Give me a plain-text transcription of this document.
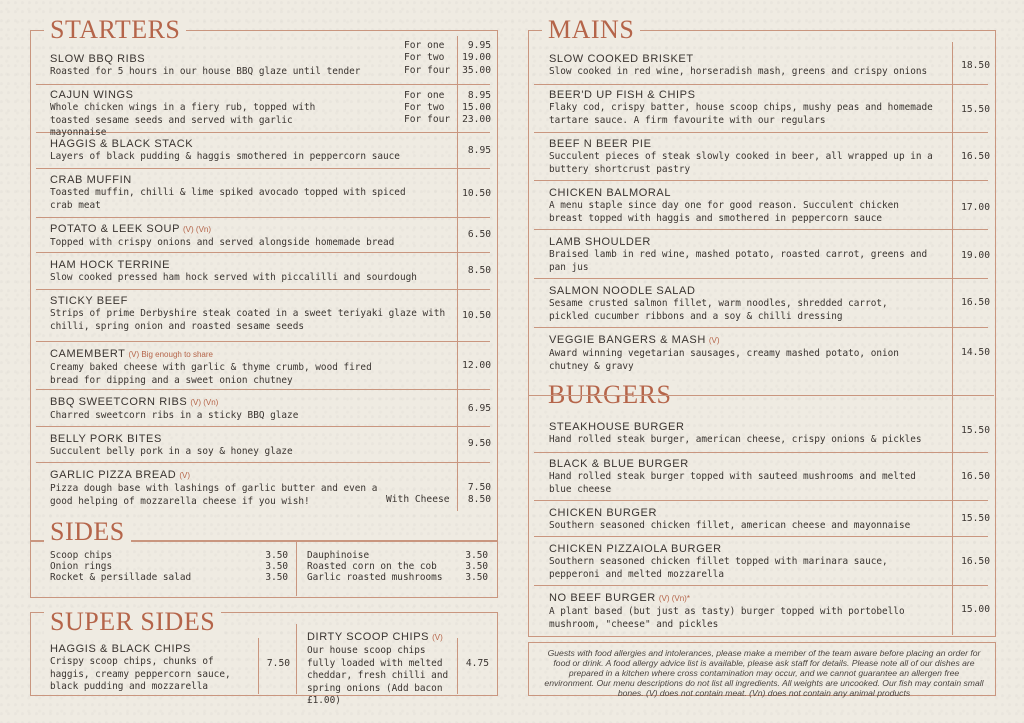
STARTERS
SIDES
SUPER SIDES
SLOW BBQ RIBS
Roasted for 5 hours in our house BBQ glaze until tender
For one
For two
For four
9.95
19.00
35.00
CAJUN WINGS
Whole chicken wings in a fiery rub, topped with toasted sesame seeds and served with garlic mayonnaise
For one
For two
For four
8.95
15.00
23.00
HAGGIS & BLACK STACK
Layers of black pudding & haggis smothered in peppercorn sauce
8.95
CRAB MUFFIN
Toasted muffin, chilli & lime spiked avocado topped with spiced crab meat
10.50
POTATO & LEEK SOUP (V) (Vn)
Topped with crispy onions and served alongside homemade bread
6.50
HAM HOCK TERRINE
Slow cooked pressed ham hock served with piccalilli and sourdough
8.50
STICKY BEEF
Strips of prime Derbyshire steak coated in a sweet teriyaki glaze with chilli, spring onion and roasted sesame seeds
10.50
CAMEMBERT (V) Big enough to share
Creamy baked cheese with garlic & thyme crumb, wood fired bread for dipping and a sweet onion chutney
12.00
BBQ SWEETCORN RIBS (V) (Vn)
Charred sweetcorn ribs in a sticky BBQ glaze
6.95
BELLY PORK BITES
Succulent belly pork in a soy & honey glaze
9.50
GARLIC PIZZA BREAD (V)
Pizza dough base with lashings of garlic butter and even a good helping of mozzarella cheese if you wish!	With Cheese
7.50
8.50
Scoop chips
Onion rings
Rocket & persillade salad
3.50
3.50
3.50
Dauphinoise
Roasted corn on the cob
Garlic roasted mushrooms
3.50
3.50
3.50
HAGGIS & BLACK CHIPS
Crispy scoop chips, chunks of haggis, creamy peppercorn sauce, black pudding and mozzarella
7.50
DIRTY SCOOP CHIPS (V)
Our house scoop chips fully loaded with melted cheddar, fresh chilli and spring onions (Add bacon £1.00)
4.75
MAINS
BURGERS
SLOW COOKED BRISKET
Slow cooked in red wine, horseradish mash, greens and crispy onions
18.50
BEER'D UP FISH & CHIPS
Flaky cod, crispy batter, house scoop chips, mushy peas and homemade tartare sauce. A firm favourite with our regulars
15.50
BEEF N BEER PIE
Succulent pieces of steak slowly cooked in beer, all wrapped up in a buttery shortcrust pastry
16.50
CHICKEN BALMORAL
A menu staple since day one for good reason. Succulent chicken breast topped with haggis and smothered in peppercorn sauce
17.00
LAMB SHOULDER
Braised lamb in red wine, mashed potato, roasted carrot, greens and pan jus
19.00
SALMON NOODLE SALAD
Sesame crusted salmon fillet, warm noodles, shredded carrot, pickled cucumber ribbons and a soy & chilli dressing
16.50
VEGGIE BANGERS & MASH (V)
Award winning vegetarian sausages, creamy mashed potato, onion chutney & gravy
14.50
STEAKHOUSE BURGER
Hand rolled steak burger, american cheese, crispy onions & pickles
15.50
BLACK & BLUE BURGER
Hand rolled steak burger topped with sauteed mushrooms and melted blue cheese
16.50
CHICKEN BURGER
Southern seasoned chicken fillet, american cheese and mayonnaise
15.50
CHICKEN PIZZAIOLA BURGER
Southern seasoned chicken fillet topped with marinara sauce, pepperoni and melted mozzarella
16.50
NO BEEF BURGER (V) (Vn)*
A plant based (but just as tasty) burger topped with portobello mushroom, "cheese" and pickles
15.00
Guests with food allergies and intolerances, please make a member of the team aware before placing an order for food or drink. A food allergy advice list is available, please ask staff for details. Please note all of our dishes are prepared in a kitchen where cross contamination may occur, and we cannot guarantee an allergen free environment. Our menu descriptions do not list all ingredients. All weights are uncooked. Our fish may contain small bones. (V) does not contain meat. (Vn) does not contain any animal products
